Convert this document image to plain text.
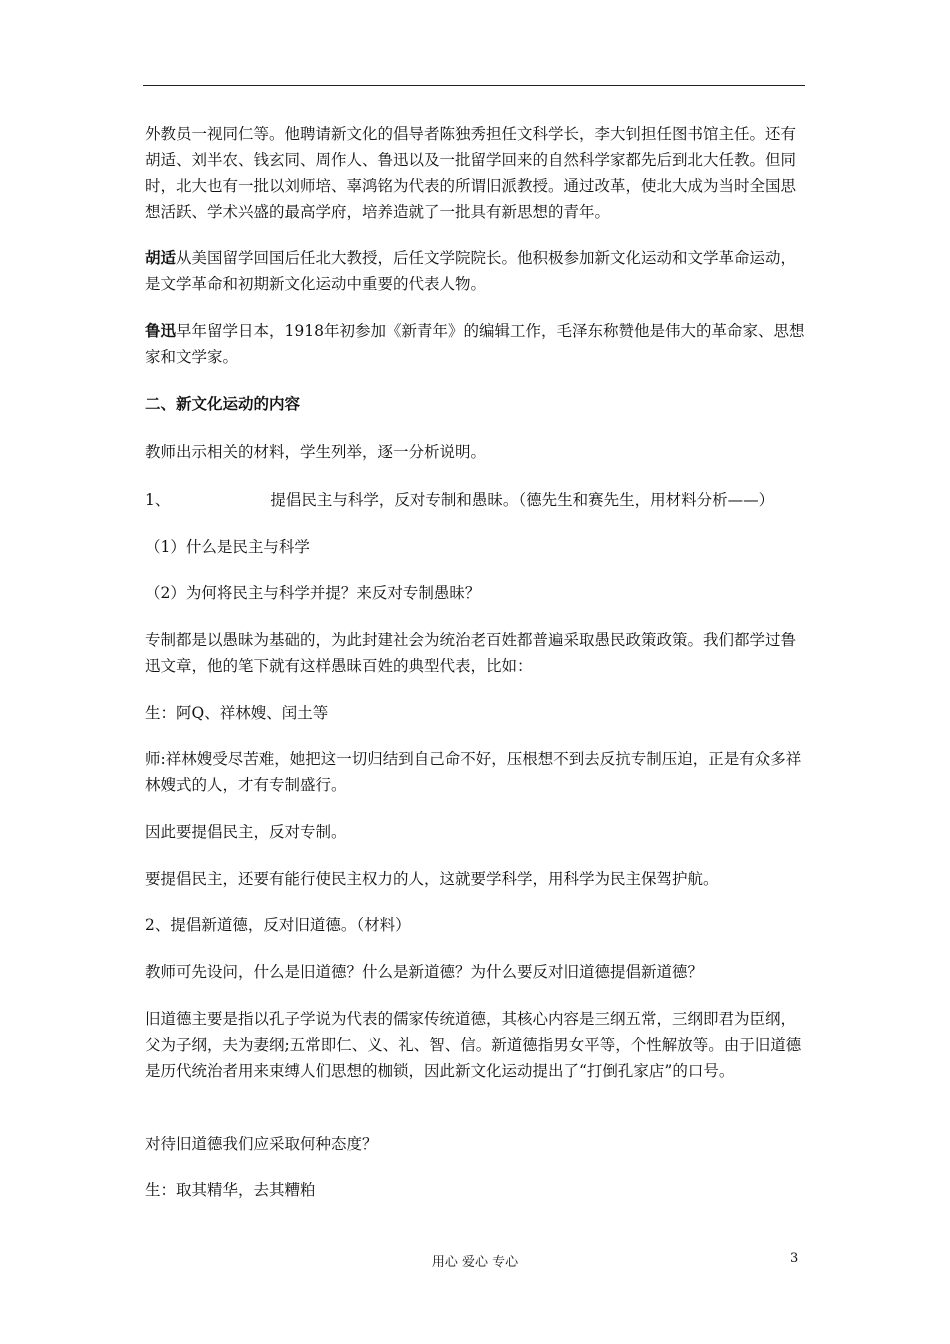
外教员一视同仁等。他聘请新文化的倡导者陈独秀担任文科学长，李大钊担任图书馆主任。还有胡适、刘半农、钱玄同、周作人、鲁迅以及一批留学回来的自然科学家都先后到北大任教。但同时，北大也有一批以刘师培、辜鸿铭为代表的所谓旧派教授。通过改革，使北大成为当时全国思想活跃、学术兴盛的最高学府，培养造就了一批具有新思想的青年。

胡适从美国留学回国后任北大教授，后任文学院院长。他积极参加新文化运动和文学革命运动，是文学革命和初期新文化运动中重要的代表人物。

鲁迅早年留学日本，1918年初参加《新青年》的编辑工作，毛泽东称赞他是伟大的革命家、思想家和文学家。

二、新文化运动的内容

教师出示相关的材料，学生列举，逐一分析说明。

1、	提倡民主与科学，反对专制和愚昧。（德先生和赛先生，用材料分析——）

（1）什么是民主与科学

（2）为何将民主与科学并提？来反对专制愚昧？

专制都是以愚昧为基础的，为此封建社会为统治老百姓都普遍采取愚民政策政策。我们都学过鲁迅文章，他的笔下就有这样愚昧百姓的典型代表，比如：

生：阿Q、祥林嫂、闰土等

师:祥林嫂受尽苦难，她把这一切归结到自己命不好，压根想不到去反抗专制压迫，正是有众多祥林嫂式的人，才有专制盛行。

因此要提倡民主，反对专制。

要提倡民主，还要有能行使民主权力的人，这就要学科学，用科学为民主保驾护航。

2、提倡新道德，反对旧道德。（材料）

教师可先设问，什么是旧道德？什么是新道德？为什么要反对旧道德提倡新道德？

旧道德主要是指以孔子学说为代表的儒家传统道德，其核心内容是三纲五常，三纲即君为臣纲，父为子纲，夫为妻纲;五常即仁、义、礼、智、信。新道德指男女平等，个性解放等。由于旧道德是历代统治者用来束缚人们思想的枷锁，因此新文化运动提出了“打倒孔家店”的口号。

对待旧道德我们应采取何种态度？

生：取其精华，去其糟粕

用心 爱心 专心	3
